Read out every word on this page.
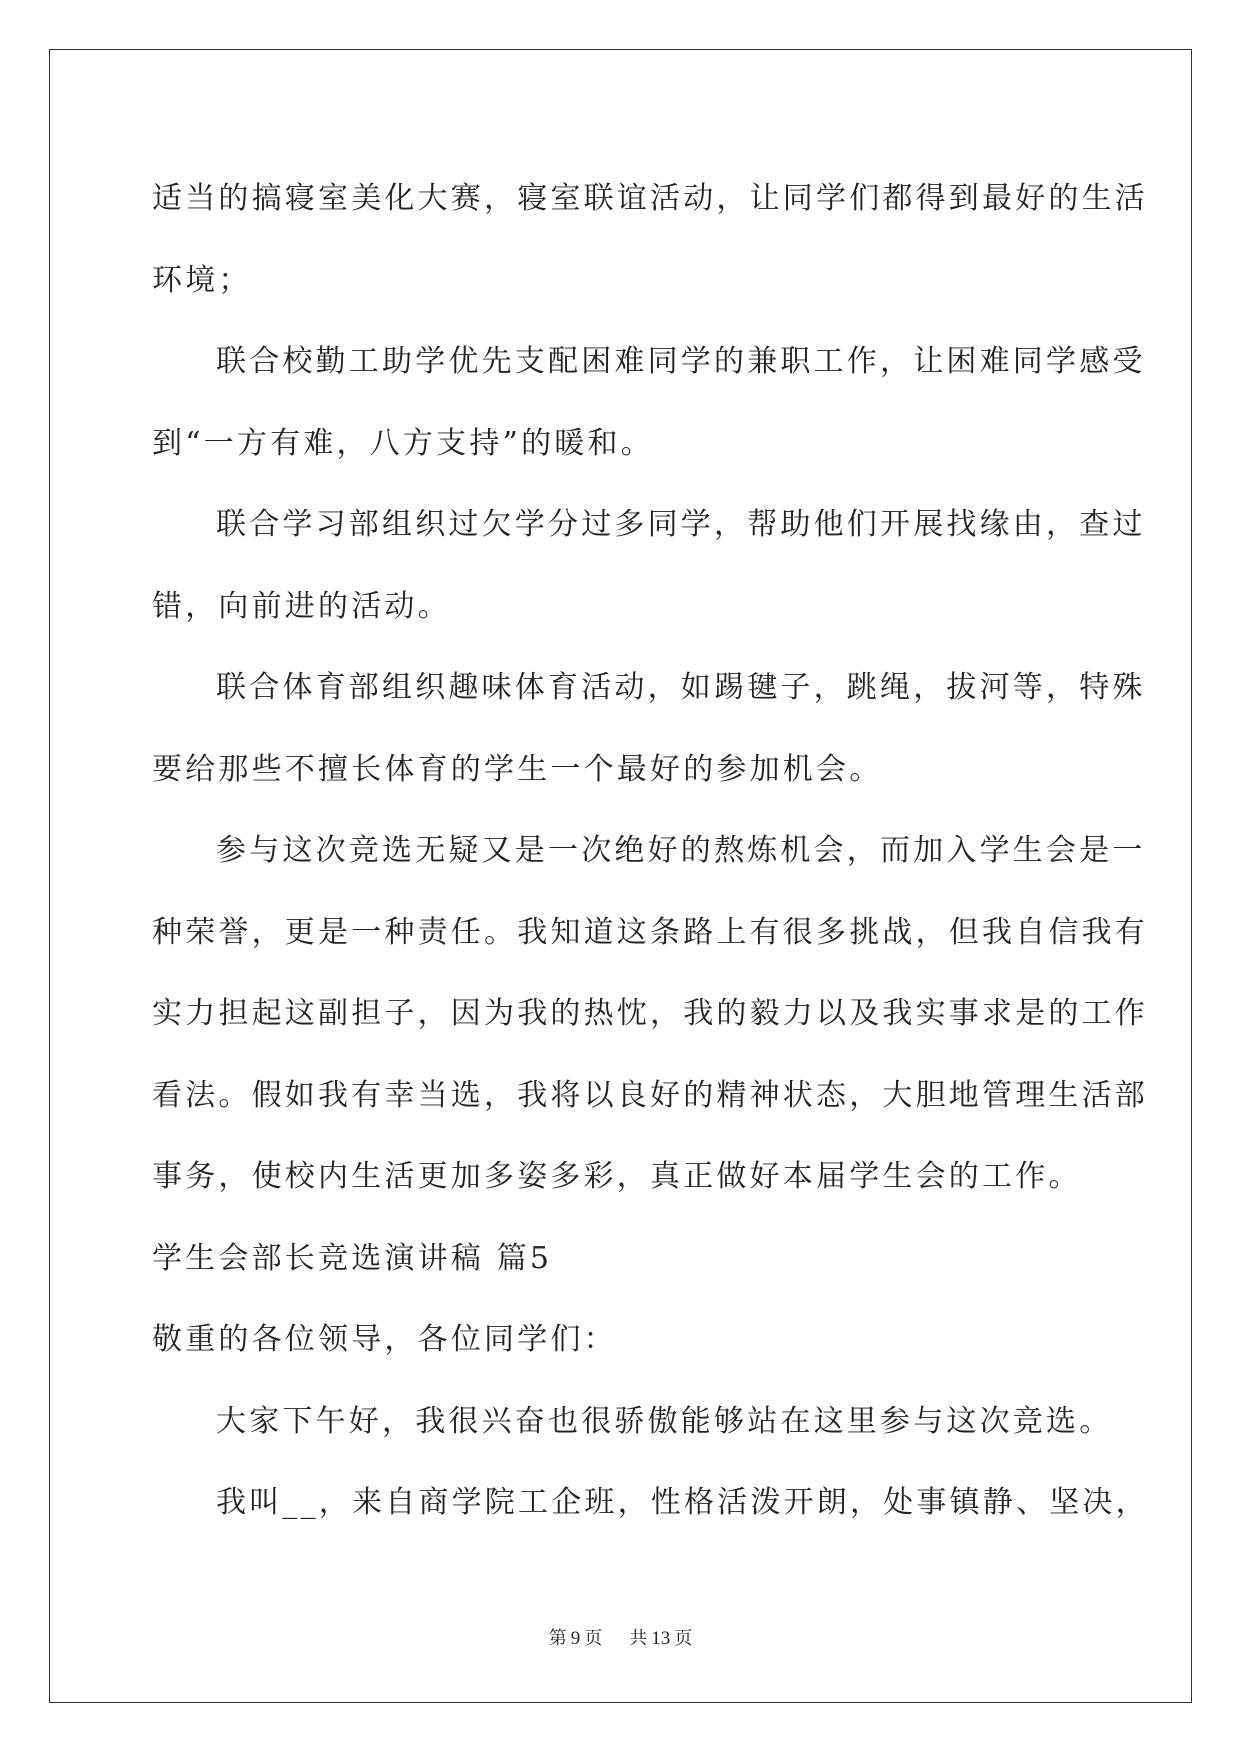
适当的搞寝室美化大赛，寝室联谊活动，让同学们都得到最好的生活
环境；
联合校勤工助学优先支配困难同学的兼职工作，让困难同学感受
到“一方有难，八方支持”的暖和。
联合学习部组织过欠学分过多同学，帮助他们开展找缘由，查过
错，向前进的活动。
联合体育部组织趣味体育活动，如踢毽子，跳绳，拔河等，特殊
要给那些不擅长体育的学生一个最好的参加机会。
参与这次竞选无疑又是一次绝好的熬炼机会，而加入学生会是一
种荣誉，更是一种责任。我知道这条路上有很多挑战，但我自信我有
实力担起这副担子，因为我的热忱，我的毅力以及我实事求是的工作
看法。假如我有幸当选，我将以良好的精神状态，大胆地管理生活部
事务，使校内生活更加多姿多彩，真正做好本届学生会的工作。
学生会部长竞选演讲稿 篇5
敬重的各位领导，各位同学们：
大家下午好，我很兴奋也很骄傲能够站在这里参与这次竞选。
我叫__，来自商学院工企班，性格活泼开朗，处事镇静、坚决，
第 9 页 共 13 页
